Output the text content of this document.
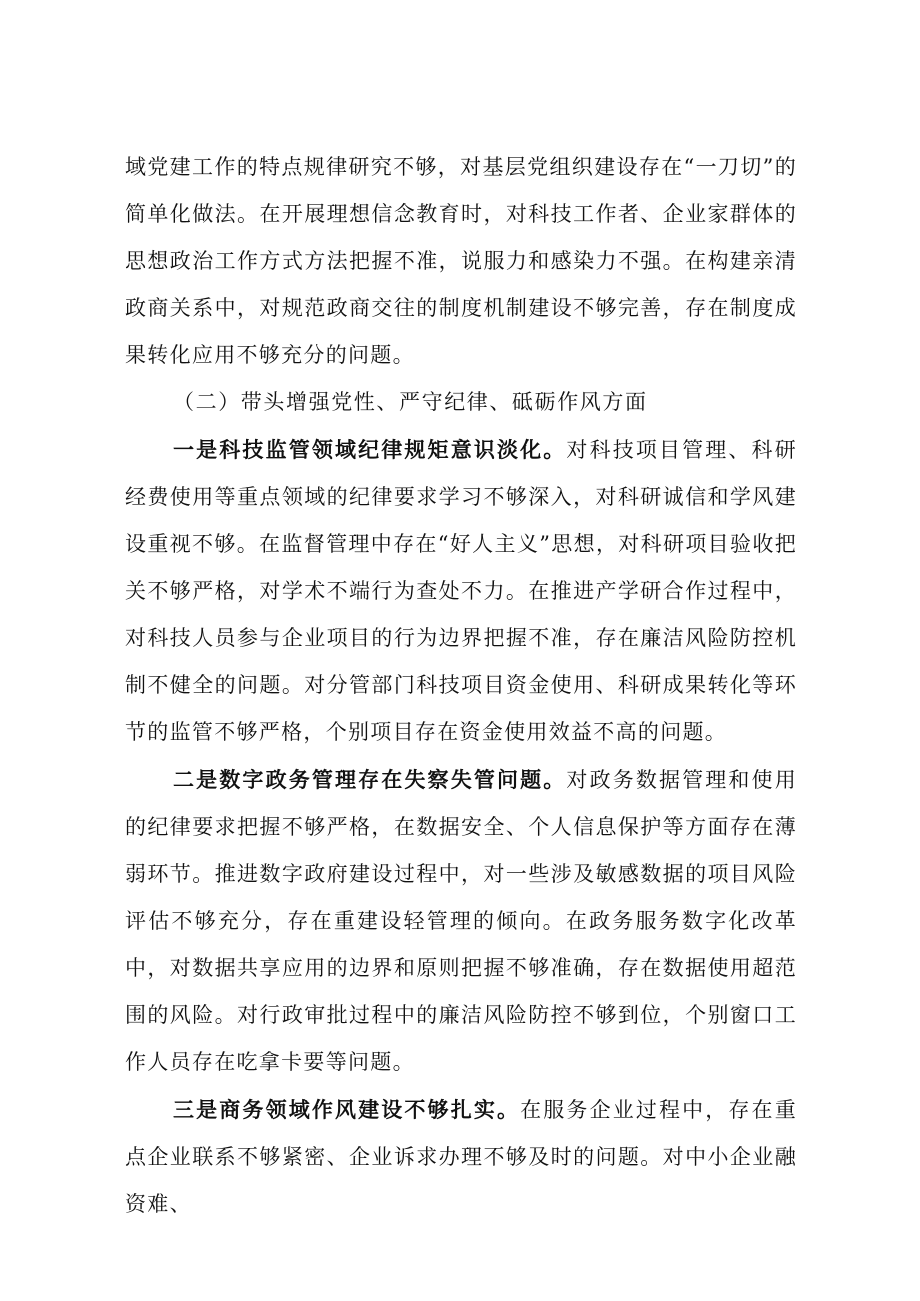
域党建工作的特点规律研究不够，对基层党组织建设存在“一刀切”的简单化做法。在开展理想信念教育时，对科技工作者、企业家群体的思想政治工作方式方法把握不准，说服力和感染力不强。在构建亲清政商关系中，对规范政商交往的制度机制建设不够完善，存在制度成果转化应用不够充分的问题。

（二）带头增强党性、严守纪律、砥砺作风方面

一是科技监管领域纪律规矩意识淡化。对科技项目管理、科研经费使用等重点领域的纪律要求学习不够深入，对科研诚信和学风建设重视不够。在监督管理中存在“好人主义”思想，对科研项目验收把关不够严格，对学术不端行为查处不力。在推进产学研合作过程中，对科技人员参与企业项目的行为边界把握不准，存在廉洁风险防控机制不健全的问题。对分管部门科技项目资金使用、科研成果转化等环节的监管不够严格，个别项目存在资金使用效益不高的问题。

二是数字政务管理存在失察失管问题。对政务数据管理和使用的纪律要求把握不够严格，在数据安全、个人信息保护等方面存在薄弱环节。推进数字政府建设过程中，对一些涉及敏感数据的项目风险评估不够充分，存在重建设轻管理的倾向。在政务服务数字化改革中，对数据共享应用的边界和原则把握不够准确，存在数据使用超范围的风险。对行政审批过程中的廉洁风险防控不够到位，个别窗口工作人员存在吃拿卡要等问题。

三是商务领域作风建设不够扎实。在服务企业过程中，存在重点企业联系不够紧密、企业诉求办理不够及时的问题。对中小企业融资难、
